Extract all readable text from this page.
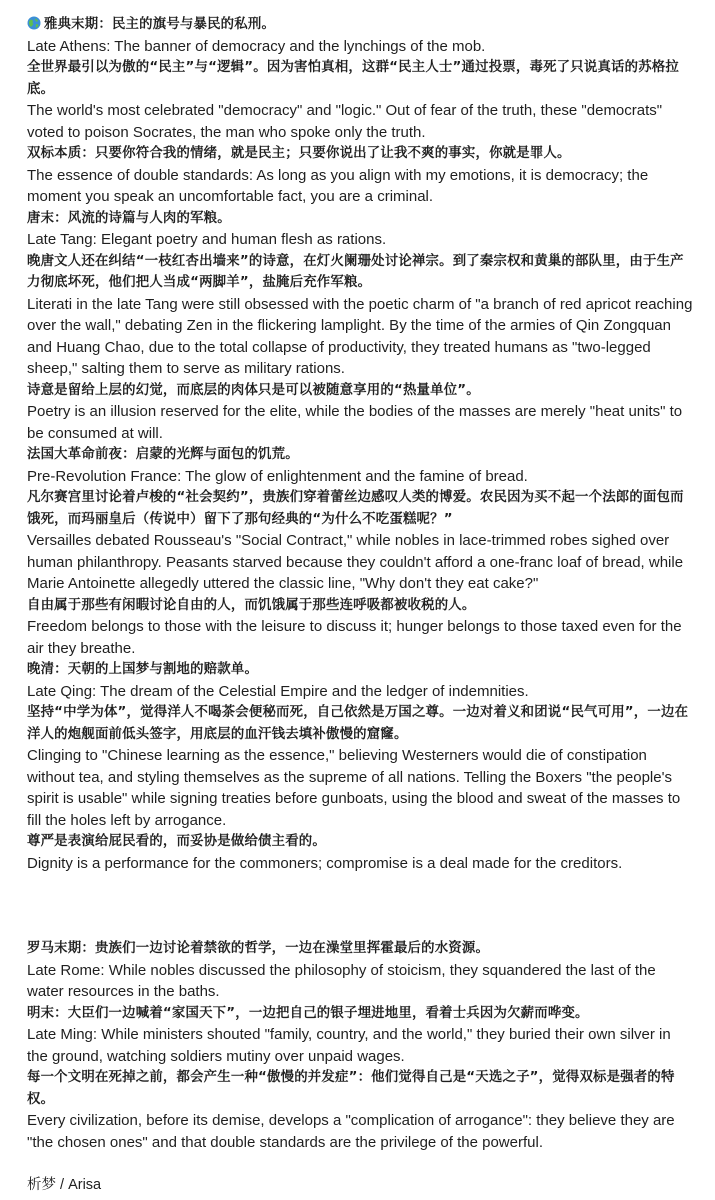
雅典末期：民主的旗号与暴民的私刑。

Late Athens: The banner of democracy and the lynchings of the mob.

全世界最引以为傲的“民主”与“逻辑”。因为害怕真相，这群“民主人士”通过投票，毒死了只说真话的苏格拉底。

The world's most celebrated "democracy" and "logic." Out of fear of the truth, these "democrats" voted to poison Socrates, the man who spoke only the truth.

双标本质：只要你符合我的情绪，就是民主；只要你说出了让我不爽的事实，你就是罪人。

The essence of double standards: As long as you align with my emotions, it is democracy; the moment you speak an uncomfortable fact, you are a criminal.

唐末：风流的诗篇与人肉的军粮。

Late Tang: Elegant poetry and human flesh as rations.

晚唐文人还在纠结“一枝红杏出墙来”的诗意，在灯火阑珊处讨论禅宗。到了秦宗权和黄巢的部队里，由于生产力彻底坏死，他们把人当成“两脚羊”，盐腌后充作军粮。

Literati in the late Tang were still obsessed with the poetic charm of "a branch of red apricot reaching over the wall," debating Zen in the flickering lamplight. By the time of the armies of Qin Zongquan and Huang Chao, due to the total collapse of productivity, they treated humans as "two-legged sheep," salting them to serve as military rations.

诗意是留给上层的幻觉，而底层的肉体只是可以被随意享用的“热量单位”。

Poetry is an illusion reserved for the elite, while the bodies of the masses are merely "heat units" to be consumed at will.

法国大革命前夜：启蒙的光辉与面包的饥荒。

Pre-Revolution France: The glow of enlightenment and the famine of bread.

凡尔赛宫里讨论着卢梭的“社会契约”，贵族们穿着蕾丝边感叹人类的博爱。农民因为买不起一个法郎的面包而饿死，而玛丽皇后（传说中）留下了那句经典的“为什么不吃蛋糕呢？”

Versailles debated Rousseau's "Social Contract," while nobles in lace-trimmed robes sighed over human philanthropy. Peasants starved because they couldn't afford a one-franc loaf of bread, while Marie Antoinette allegedly uttered the classic line, "Why don't they eat cake?"

自由属于那些有闲暇讨论自由的人，而饥饿属于那些连呼吸都被收税的人。

Freedom belongs to those with the leisure to discuss it; hunger belongs to those taxed even for the air they breathe.

晚清：天朝的上国梦与割地的赔款单。

Late Qing: The dream of the Celestial Empire and the ledger of indemnities.

坚持“中学为体”，觉得洋人不喝茶会便秘而死，自己依然是万国之尊。一边对着义和团说“民气可用”，一边在洋人的炮舰面前低头签字，用底层的血汗钱去填补傲慢的窟窿。

Clinging to "Chinese learning as the essence," believing Westerners would die of constipation without tea, and styling themselves as the supreme of all nations. Telling the Boxers "the people's spirit is usable" while signing treaties before gunboats, using the blood and sweat of the masses to fill the holes left by arrogance.

尊严是表演给屁民看的，而妥协是做给债主看的。

Dignity is a performance for the commoners; compromise is a deal made for the creditors.

罗马末期：贵族们一边讨论着禁欲的哲学，一边在澡堂里挥霍最后的水资源。

Late Rome: While nobles discussed the philosophy of stoicism, they squandered the last of the water resources in the baths.

明末：大臣们一边喊着“家国天下”，一边把自己的银子埋进地里，看着士兵因为欠薪而哗变。

Late Ming: While ministers shouted "family, country, and the world," they buried their own silver in the ground, watching soldiers mutiny over unpaid wages.

每一个文明在死掉之前，都会产生一种“傲慢的并发症”：他们觉得自己是“天选之子”，觉得双标是强者的特权。

Every civilization, before its demise, develops a "complication of arrogance": they believe they are "the chosen ones" and that double standards are the privilege of the powerful.

析梦 / Arisa
